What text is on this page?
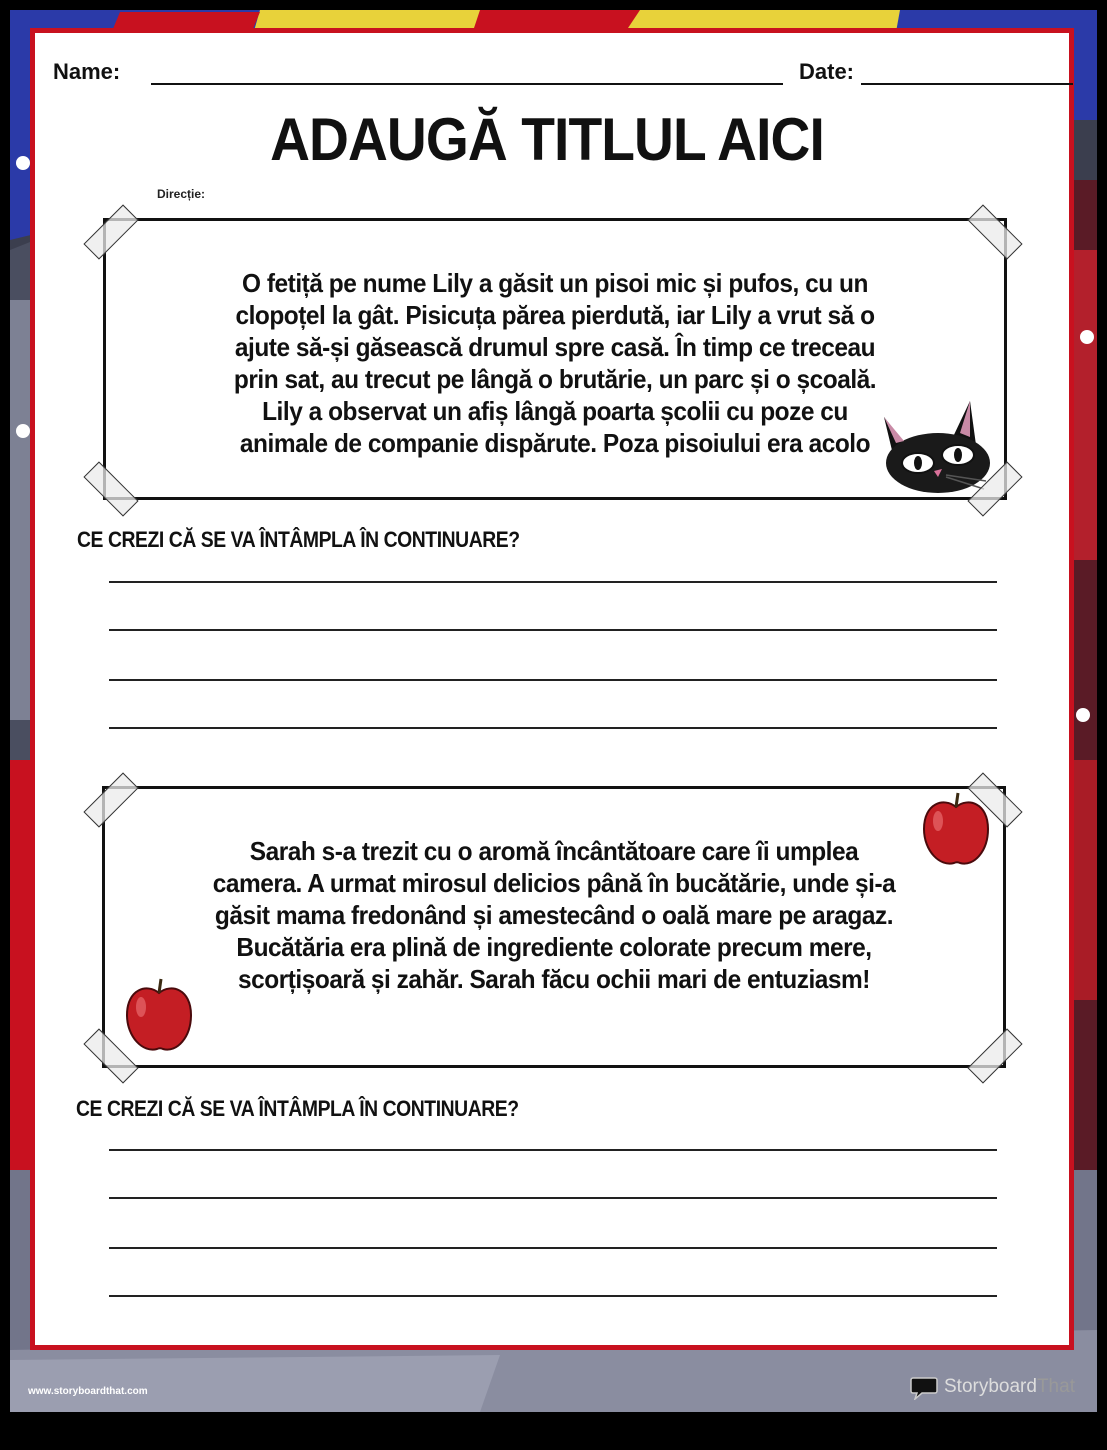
Name:	Date:
ADAUGĂ TITLUL AICI
Direcție:
O fetiță pe nume Lily a găsit un pisoi mic și pufos, cu un clopoțel la gât. Pisicuța părea pierdută, iar Lily a vrut să o ajute să-și găsească drumul spre casă. În timp ce treceau prin sat, au trecut pe lângă o brutărie, un parc și o școală. Lily a observat un afiș lângă poarta școlii cu poze cu animale de companie dispărute. Poza pisoiului era acolo
CE CREZI CĂ SE VA ÎNTÂMPLA ÎN CONTINUARE?
Sarah s-a trezit cu o aromă încântătoare care îi umplea camera. A urmat mirosul delicios până în bucătărie, unde și-a găsit mama fredonând și amestecând o oală mare pe aragaz. Bucătăria era plină de ingrediente colorate precum mere, scorțișoară și zahăr. Sarah făcu ochii mari de entuziasm!
CE CREZI CĂ SE VA ÎNTÂMPLA ÎN CONTINUARE?
www.storyboardthat.com	StoryboardThat
